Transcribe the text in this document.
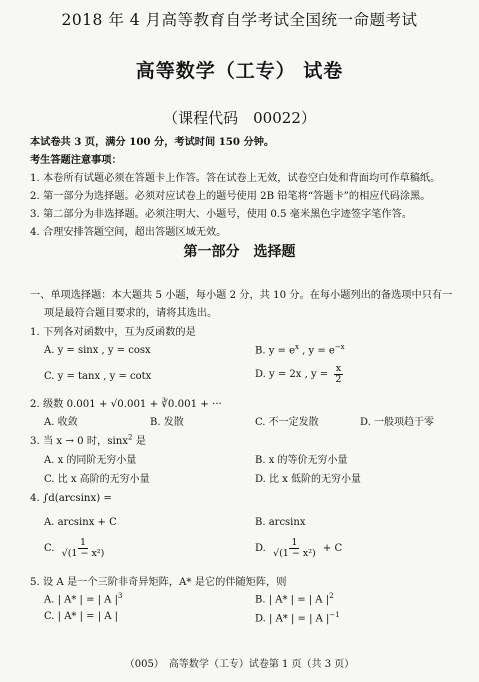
2018 年 4 月高等教育自学考试全国统一命题考试
高等数学（工专） 试卷
（课程代码　00022）
本试卷共 3 页，满分 100 分，考试时间 150 分钟。
考生答题注意事项：
1. 本卷所有试题必须在答题卡上作答。答在试卷上无效，试卷空白处和背面均可作草稿纸。
2. 第一部分为选择题。必须对应试卷上的题号使用 2B 铅笔将“答题卡”的相应代码涂黑。
3. 第二部分为非选择题。必须注明大、小题号，使用 0.5 毫米黑色字迹签字笔作答。
4. 合理安排答题空间，超出答题区域无效。
第一部分　选择题
一、单项选择题：本大题共 5 小题，每小题 2 分，共 10 分。在每小题列出的备选项中只有一
项是最符合题目要求的，请将其选出。
1. 下列各对函数中，互为反函数的是
A. y = sinx , y = cosx	B. $y = e^x$ , $y = e^{-x}$
C. y = tanx , y = cotx	D. y = 2x , $y = \frac{x}{2}$
2. 级数 0.001 + √0.001 + ∛0.001 + ···
A. 收敛	B. 发散	C. 不一定发散	D. 一般项趋于零
3. 当 x → 0 时，sinx$^2$ 是
A. x 的同阶无穷小量	B. x 的等价无穷小量
C. 比 x 高阶的无穷小量	D. 比 x 低阶的无穷小量
4. ∫d(arcsinx) =
A. arcsinx + C	B. arcsinx
C. $\frac{1}{\text{√(1 − x²)}}$	D. $\frac{1}{\text{√(1 − x²)}} + C$
5. 设 A 是一个三阶非奇异矩阵，A* 是它的伴随矩阵，则
A. | A* | = | A $|^3$	B. | A* | = | A $|^2$
C. | A* | = | A |	D. | A* | = | A $|^{-1}$
（005）　高等数学（工专）试卷第 1 页（共 3 页）
